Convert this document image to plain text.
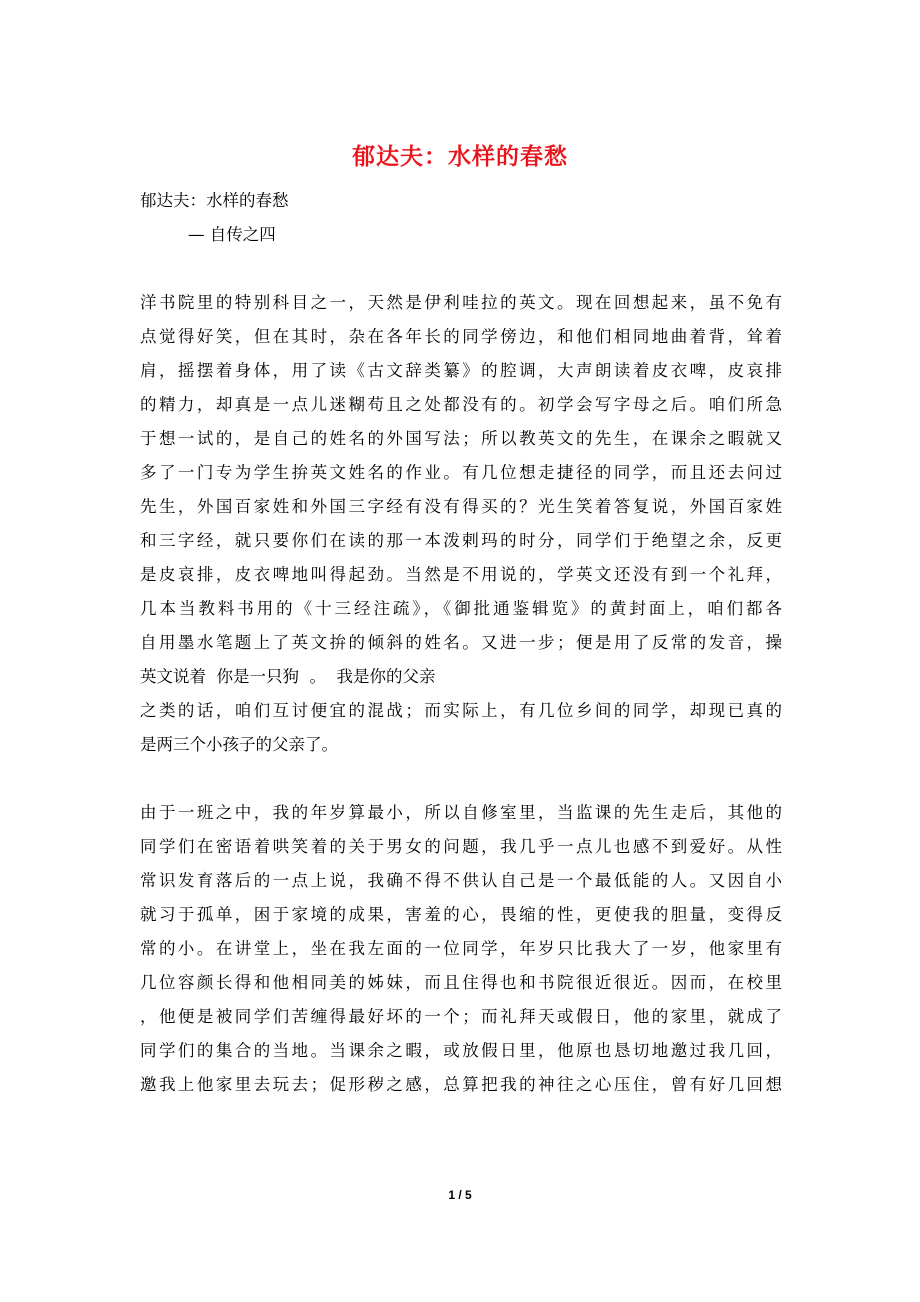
郁达夫：水样的春愁
郁达夫：水样的春愁
— 自传之四
洋书院里的特别科目之一，天然是伊利哇拉的英文。现在回想起来，虽不免有
点觉得好笑，但在其时，杂在各年长的同学傍边，和他们相同地曲着背，耸着
肩，摇摆着身体，用了读《古文辞类纂》的腔调，大声朗读着皮衣啤，皮哀排
的精力，却真是一点儿迷糊苟且之处都没有的。初学会写字母之后。咱们所急
于想一试的，是自己的姓名的外国写法；所以教英文的先生，在课余之暇就又
多了一门专为学生拚英文姓名的作业。有几位想走捷径的同学，而且还去问过
先生，外国百家姓和外国三字经有没有得买的？光生笑着答复说，外国百家姓
和三字经，就只要你们在读的那一本泼剌玛的时分，同学们于绝望之余，反更
是皮哀排，皮衣啤地叫得起劲。当然是不用说的，学英文还没有到一个礼拜，
几本当教料书用的《十三经注疏》，《御批通鉴辑览》的黄封面上，咱们都各
自用墨水笔题上了英文拚的倾斜的姓名。又进一步；便是用了反常的发音，操
英文说着  你是一只狗  。  我是你的父亲
之类的话，咱们互讨便宜的混战；而实际上，有几位乡间的同学，却现已真的
是两三个小孩子的父亲了。
由于一班之中，我的年岁算最小，所以自修室里，当监课的先生走后，其他的
同学们在密语着哄笑着的关于男女的问题，我几乎一点儿也感不到爱好。从性
常识发育落后的一点上说，我确不得不供认自己是一个最低能的人。又因自小
就习于孤单，困于家境的成果，害羞的心，畏缩的性，更使我的胆量，变得反
常的小。在讲堂上，坐在我左面的一位同学，年岁只比我大了一岁，他家里有
几位容颜长得和他相同美的姊妹，而且住得也和书院很近很近。因而，在校里
，他便是被同学们苦缠得最好坏的一个；而礼拜天或假日，他的家里，就成了
同学们的集合的当地。当课余之暇，或放假日里，他原也恳切地邀过我几回，
邀我上他家里去玩去；促形秽之感，总算把我的神往之心压住，曾有好几回想
1 / 5
